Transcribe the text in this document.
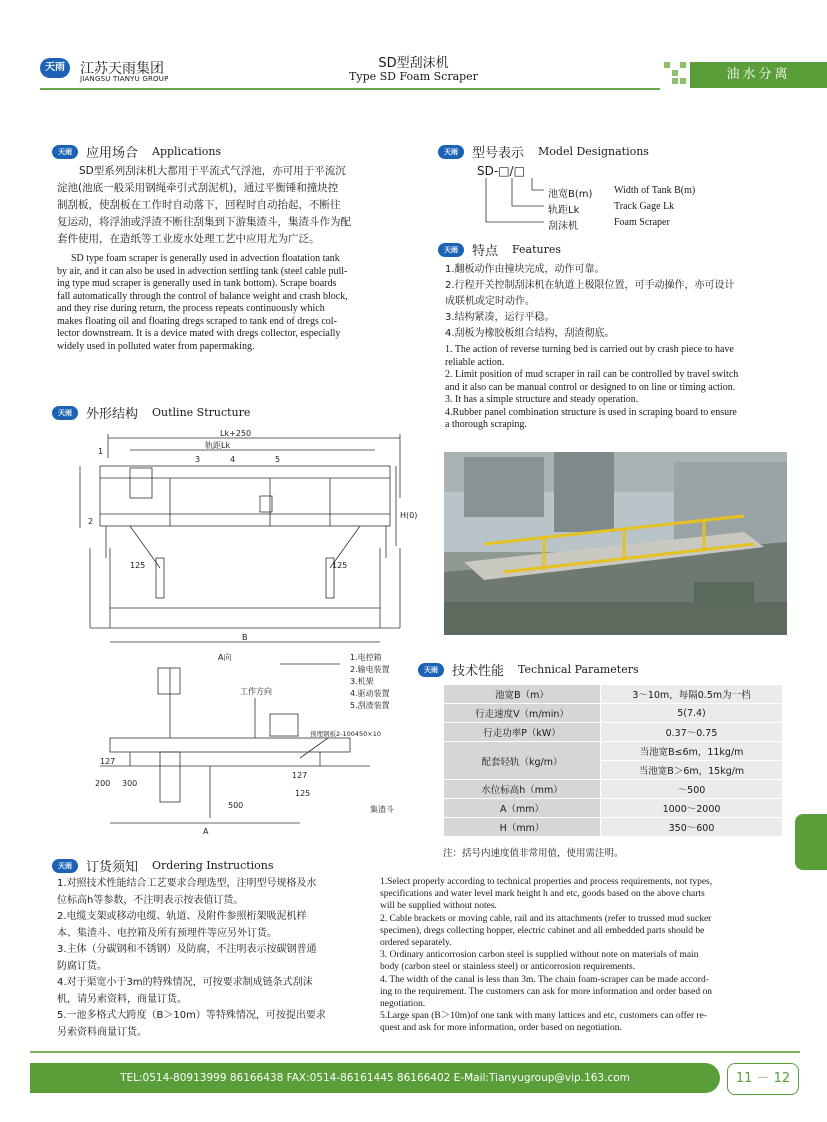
天雨	江苏天雨集团
JIANGSU TIANYU GROUP
SD型刮沫机
Type SD Foam Scraper	油水分离
天雨	应用场合 Applications
SD型系列刮沫机大都用于平流式气浮池，亦可用于平流沉
淀池(池底一般采用钢绳牵引式刮泥机)，通过平衡锤和撞块控
制刮板，使刮板在工作时自动落下，回程时自动抬起，不断往
复运动，将浮油或浮渣不断往刮集到下游集渣斗，集渣斗作为配
套件使用，在造纸等工业废水处理工艺中应用尤为广泛。
SD type foam scraper is generally used in advection floatation tank
by air, and it can also be used in advection settling tank (steel cable pull-
ing type mud scraper is generally used in tank bottom). Scrape boards
fall automatically through the control of balance weight and crash block,
and they rise during return, the process repeats continuously which
makes floating oil and floating dregs scraped to tank end of dregs col-
lector downstream. It is a device mated with dregs collector, especially
widely used in polluted water from papermaking.
天雨	外形结构 Outline Structure
Lk+250
轨距Lk
1
2
3	4	5
H(0)
125	125
B
A向
工作方向
1.电控箱
2.输电装置
3.机架
4.驱动装置
5.刮渣装置
预埋钢板2-100450×10
集渣斗
A
127
200 300
127
125
500
天雨	型号表示 Model Designations
SD-□/□
池宽B(m)
轨距Lk
刮沫机
Width of Tank B(m)
Track Gage Lk
Foam Scraper
天雨	特点 Features
1.翻板动作由撞块完成，动作可靠。
2.行程开关控制刮沫机在轨道上极限位置，可手动操作，亦可设计
成联机或定时动作。
3.结构紧凑，运行平稳。
4.刮板为橡胶板组合结构，刮渣彻底。
1. The action of reverse turning bed is carried out by crash piece to have
reliable action.
2. Limit position of mud scraper in rail can be controlled by travel switch
and it also can be manual control or designed to on line or timing action.
3. It has a simple structure and steady operation.
4.Rubber panel combination structure is used in scraping board to ensure
a thorough scraping.
天雨	技术性能 Technical Parameters
池宽B（m）	3～10m，每隔0.5m为一档
行走速度V（m/min）	5(7.4)
行走功率P（kW）	0.37～0.75
配套轻轨（kg/m）	当池宽B≤6m，11kg/m
	当池宽B＞6m，15kg/m
水位标高h（mm）	～500
A（mm）	1000～2000
H（mm）	350～600
注：括号内速度值非常用值，使用需注明。
天雨	订货须知 Ordering Instructions
1.对照技术性能结合工艺要求合理选型，注明型号规格及水
位标高h等参数，不注明表示按表值订货。
2.电缆支架或移动电缆、轨道、及附件参照桁架吸泥机样
本、集渣斗、电控箱及所有预埋件等应另外订货。
3.主体（分碳钢和不锈钢）及防腐，不注明表示按碳钢普通
防腐订货。
4.对于渠宽小于3m的特殊情况，可按要求制成链条式刮沫
机，请另索资料，商量订货。
5.一池多格式大跨度（B＞10m）等特殊情况，可按提出要求
另索资料商量订货。
1.Select properly according to technical properties and process requirements, not types,
specifications and water level mark height h and etc, goods based on the above charts
will be supplied without notes.
2. Cable brackets or moving cable, rail and its attachments (refer to trussed mud sucker
specimen), dregs collecting hopper, electric cabinet and all embedded parts should be
ordered separately.
3. Ordinary anticorrosion carbon steel is supplied without note on materials of main
body (carbon steel or stainless steel) or anticorrosion requirements.
4. The width of the canal is less than 3m. The chain foam-scraper can be made accord-
ing to the requirement. The customers can ask for more information and order based on
negotiation.
5.Large span (B＞10m)of one tank with many lattices and etc, customers can offer re-
quest and ask for more information, order based on negotiation.
TEL:0514-80913999 86166438 FAX:0514-86161445 86166402 E-Mail:Tianyugroup@vip.163.com	11 － 12
